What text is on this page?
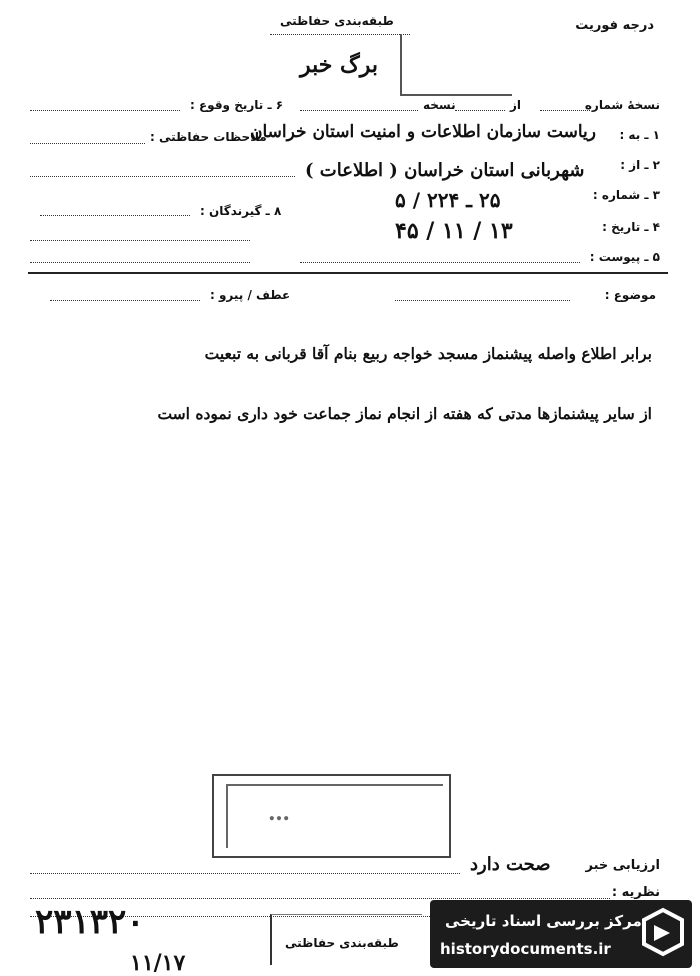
درجه فوریت
طبقه‌بندی حفاظتی
برگ خبر
نسخهٔ شماره
از
نسخه
۶ ـ تاریخ وقوع :
۱ ـ به :
ریاست سازمان اطلاعات و امنیت استان خراسان
ملاحظات حفاظتی :
۲ ـ از :
شهربانی استان خراسان ( اطلاعات )
۳ ـ شماره :
۲۵ ـ ۲۲۴ / ۵
۸ ـ گیرندگان :
۴ ـ تاریخ :
۱۳ / ۱۱ / ۴۵
۵ ـ پیوست :
موضوع :
عطف / پیرو :
برابر اطلاع واصله پیشنماز مسجد خواجه ربیع بنام آقا قربانی به تبعیت
از سایر پیشنمازها مدتی که هفته از انجام نماز جماعت خود داری نموده است
…
ارزیابی خبر
صحت دارد
نظریه :
۲۳۱۳۲۰
۱۱/۱۷
طبقه‌بندی حفاظتی
مرکز بررسی اسناد تاریخی
historydocuments.ir
